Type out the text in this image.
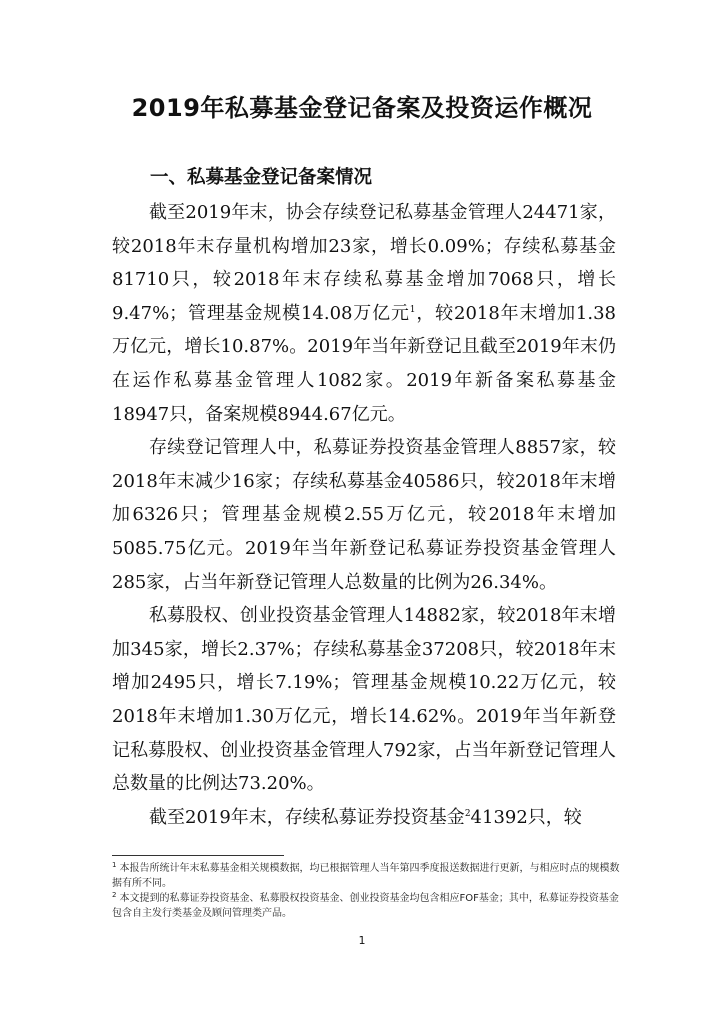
2019年私募基金登记备案及投资运作概况
一、私募基金登记备案情况

截至2019年末，协会存续登记私募基金管理人24471家，较2018年末存量机构增加23家，增长0.09%；存续私募基金81710只，较2018年末存续私募基金增加7068只，增长9.47%；管理基金规模14.08万亿元$^1$，较2018年末增加1.38万亿元，增长10.87%。2019年当年新登记且截至2019年末仍在运作私募基金管理人1082家。2019年新备案私募基金18947只，备案规模8944.67亿元。

存续登记管理人中，私募证券投资基金管理人8857家，较2018年末减少16家；存续私募基金40586只，较2018年末增加6326只；管理基金规模2.55万亿元，较2018年末增加5085.75亿元。2019年当年新登记私募证券投资基金管理人285家，占当年新登记管理人总数量的比例为26.34%。

私募股权、创业投资基金管理人14882家，较2018年末增加345家，增长2.37%；存续私募基金37208只，较2018年末增加2495只，增长7.19%；管理基金规模10.22万亿元，较2018年末增加1.30万亿元，增长14.62%。2019年当年新登记私募股权、创业投资基金管理人792家，占当年新登记管理人总数量的比例达73.20%。

截至2019年末，存续私募证券投资基金$^2$41392只，较

$^1$ 本报告所统计年末私募基金相关规模数据，均已根据管理人当年第四季度报送数据进行更新，与相应时点的规模数据有所不同。

$^2$ 本文提到的私募证券投资基金、私募股权投资基金、创业投资基金均包含相应FOF基金；其中，私募证券投资基金包含自主发行类基金及顾问管理类产品。

1
